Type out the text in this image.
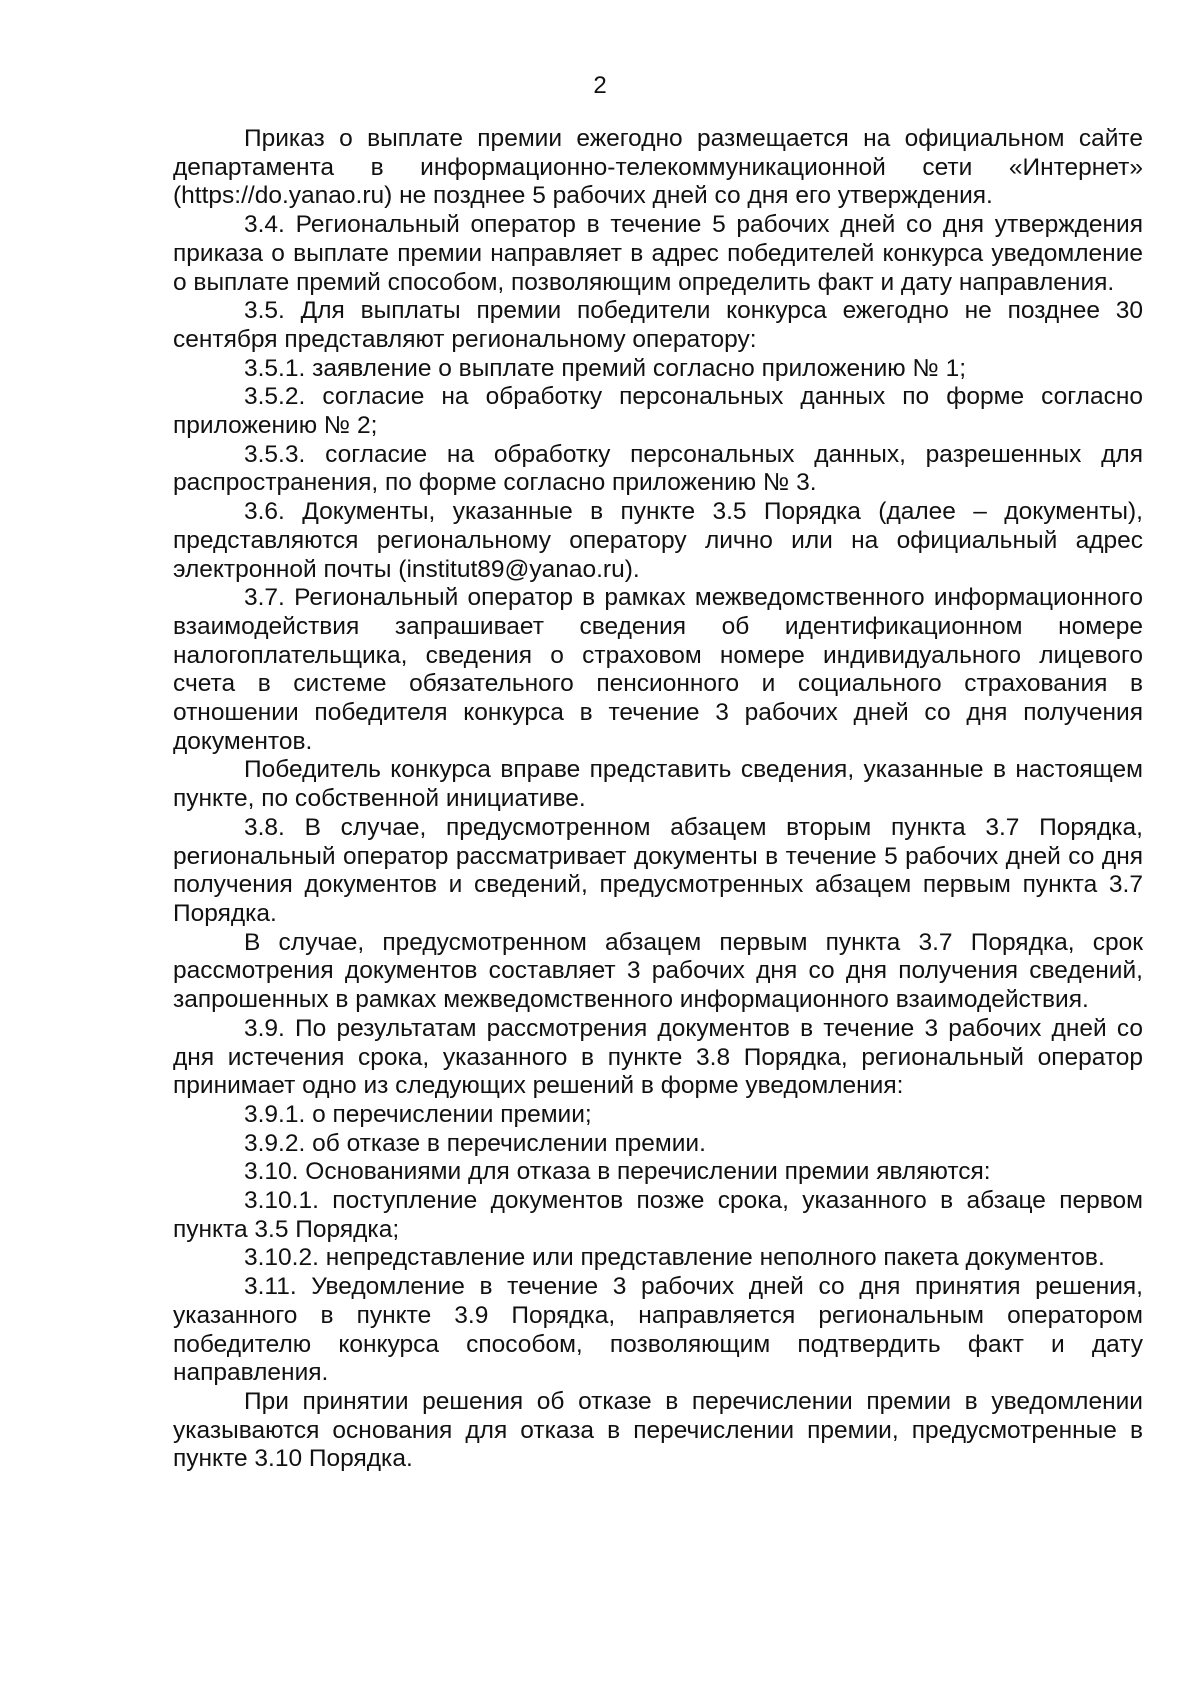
2

Приказ о выплате премии ежегодно размещается на официальном сайте департамента в информационно-телекоммуникационной сети «Интернет» (https://do.yanao.ru) не позднее 5 рабочих дней со дня его утверждения.

3.4. Региональный оператор в течение 5 рабочих дней со дня утверждения приказа о выплате премии направляет в адрес победителей конкурса уведомление о выплате премий способом, позволяющим определить факт и дату направления.

3.5. Для выплаты премии победители конкурса ежегодно не позднее 30 сентября представляют региональному оператору:

3.5.1. заявление о выплате премий согласно приложению № 1;

3.5.2. согласие на обработку персональных данных по форме согласно приложению № 2;

3.5.3. согласие на обработку персональных данных, разрешенных для распространения, по форме согласно приложению № 3.

3.6. Документы, указанные в пункте 3.5 Порядка (далее – документы), представляются региональному оператору лично или на официальный адрес электронной почты (institut89@yanao.ru).

3.7. Региональный оператор в рамках межведомственного информационного взаимодействия запрашивает сведения об идентификационном номере налогоплательщика, сведения о страховом номере индивидуального лицевого счета в системе обязательного пенсионного и социального страхования в отношении победителя конкурса в течение 3 рабочих дней со дня получения документов.

Победитель конкурса вправе представить сведения, указанные в настоящем пункте, по собственной инициативе.

3.8. В случае, предусмотренном абзацем вторым пункта 3.7 Порядка, региональный оператор рассматривает документы в течение 5 рабочих дней со дня получения документов и сведений, предусмотренных абзацем первым пункта 3.7 Порядка.

В случае, предусмотренном абзацем первым пункта 3.7 Порядка, срок рассмотрения документов составляет 3 рабочих дня со дня получения сведений, запрошенных в рамках межведомственного информационного взаимодействия.

3.9. По результатам рассмотрения документов в течение 3 рабочих дней со дня истечения срока, указанного в пункте 3.8 Порядка, региональный оператор принимает одно из следующих решений в форме уведомления:

3.9.1. о перечислении премии;

3.9.2. об отказе в перечислении премии.

3.10. Основаниями для отказа в перечислении премии являются:

3.10.1. поступление документов позже срока, указанного в абзаце первом пункта 3.5 Порядка;

3.10.2. непредставление или представление неполного пакета документов.

3.11. Уведомление в течение 3 рабочих дней со дня принятия решения, указанного в пункте 3.9 Порядка, направляется региональным оператором победителю конкурса способом, позволяющим подтвердить факт и дату направления.

При принятии решения об отказе в перечислении премии в уведомлении указываются основания для отказа в перечислении премии, предусмотренные в пункте 3.10 Порядка.
